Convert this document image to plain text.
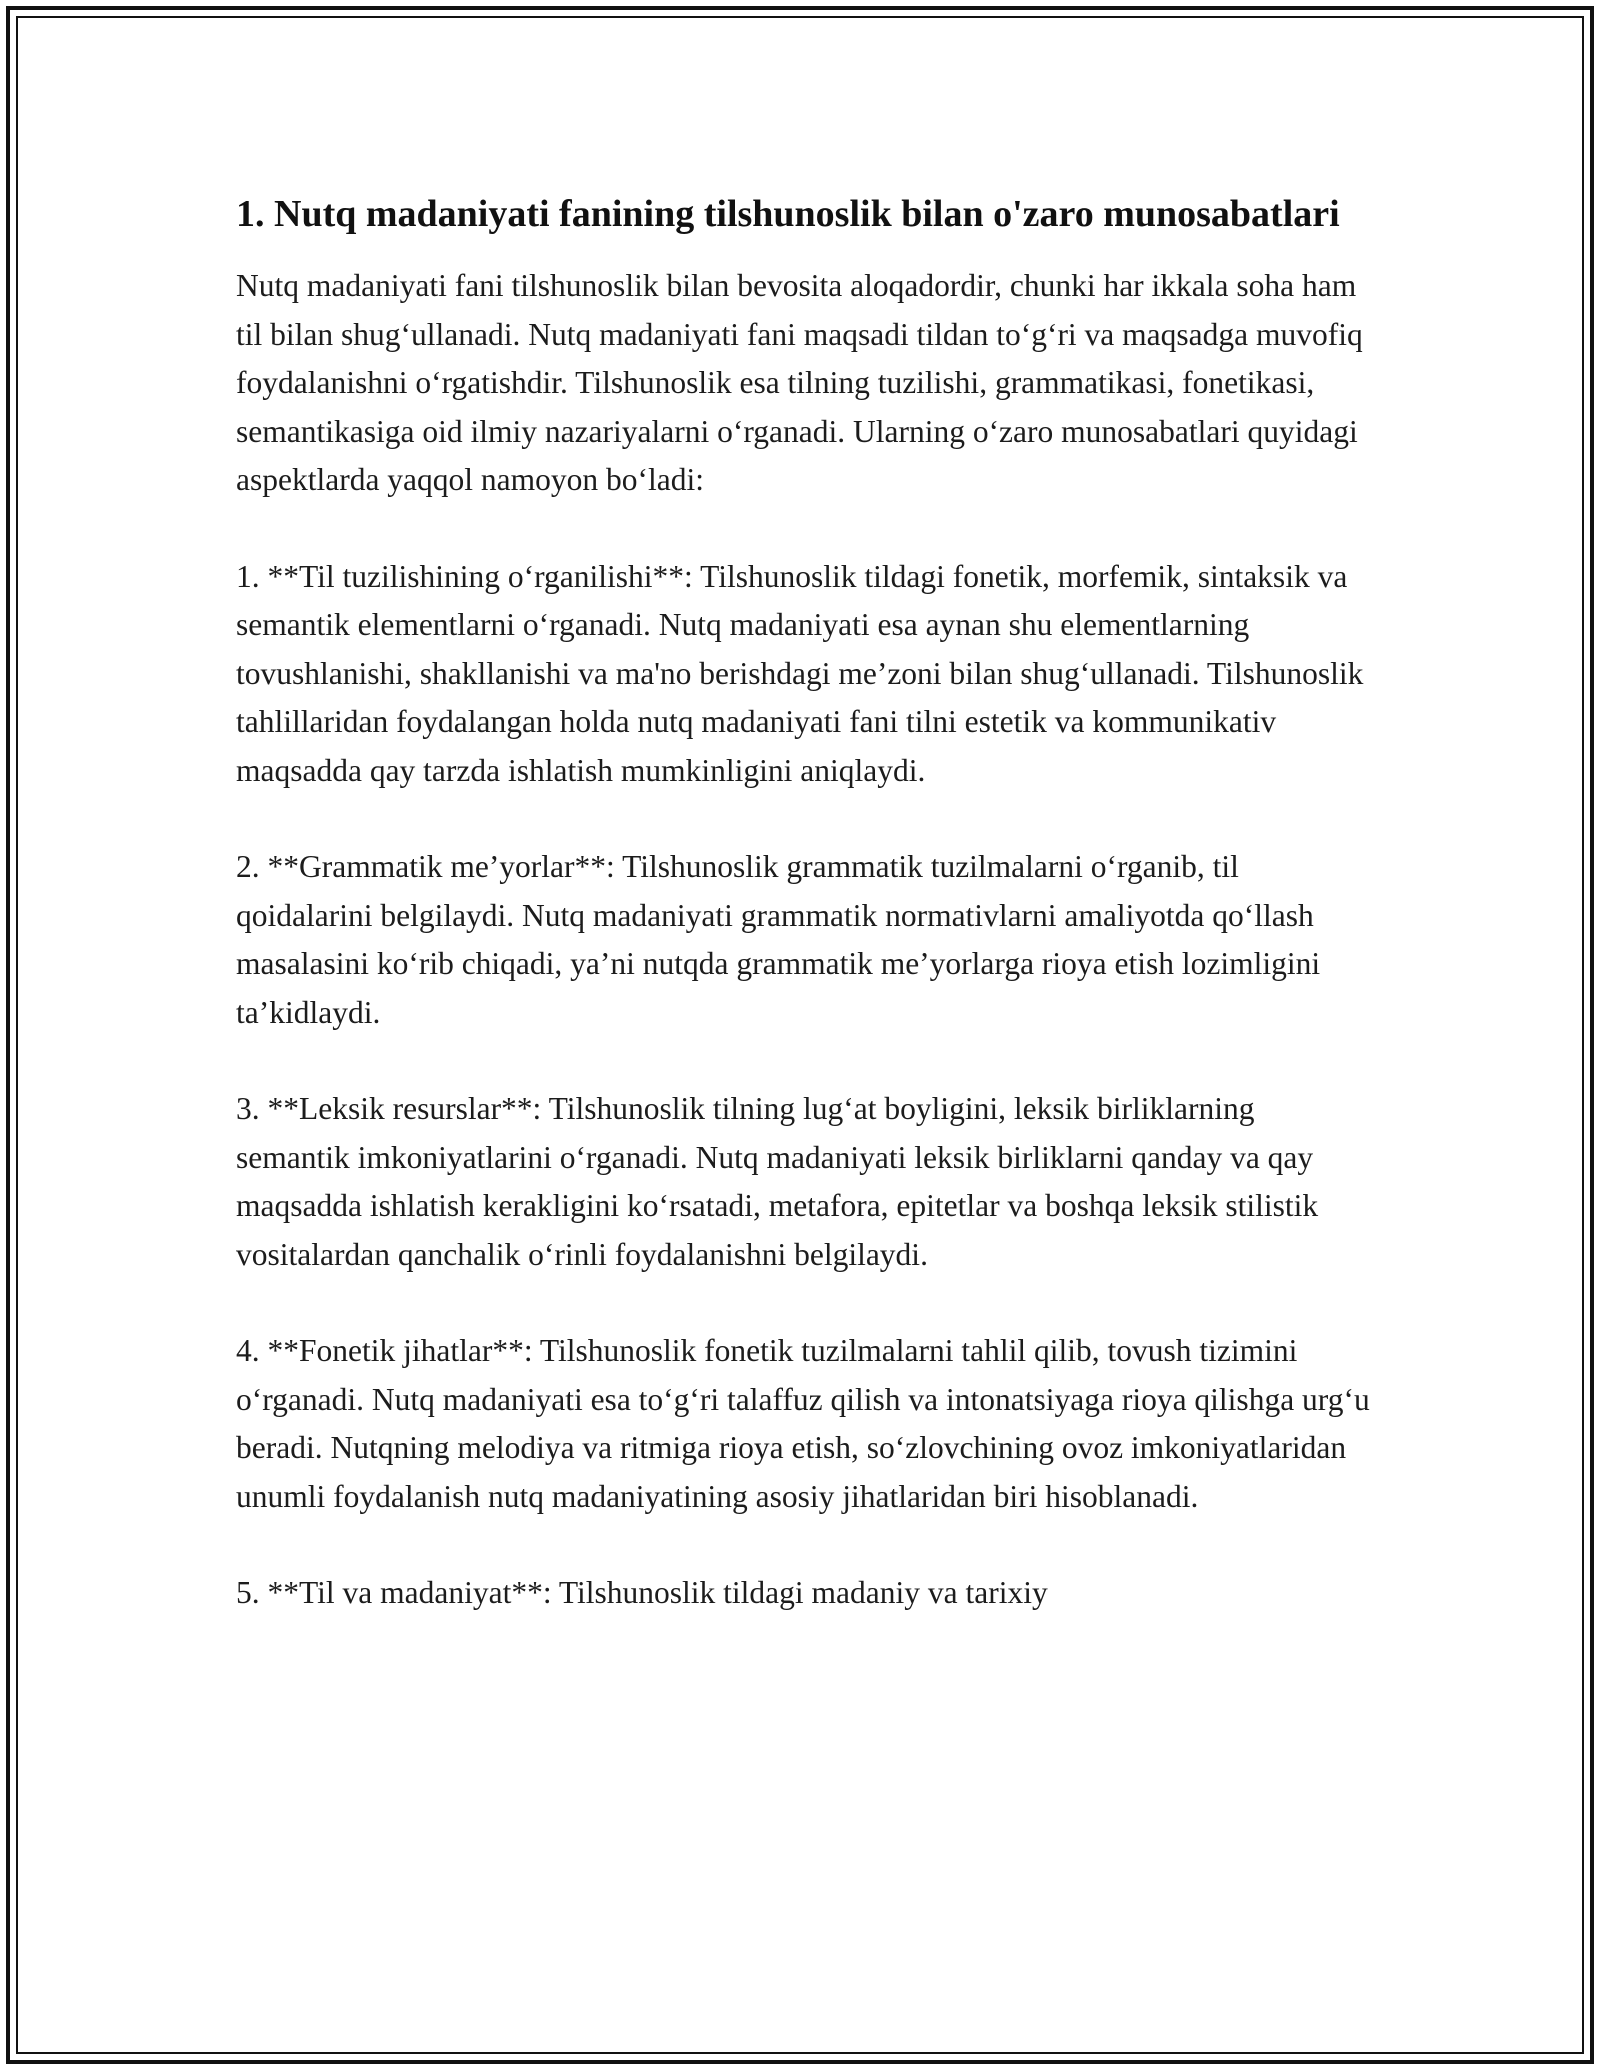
1. Nutq madaniyati fanining tilshunoslik bilan o'zaro munosabatlari

Nutq madaniyati fani tilshunoslik bilan bevosita aloqadordir, chunki har ikkala soha ham til bilan shug‘ullanadi. Nutq madaniyati fani maqsadi tildan to‘g‘ri va maqsadga muvofiq foydalanishni o‘rgatishdir. Tilshunoslik esa tilning tuzilishi, grammatikasi, fonetikasi, semantikasiga oid ilmiy nazariyalarni o‘rganadi. Ularning o‘zaro munosabatlari quyidagi aspektlarda yaqqol namoyon bo‘ladi:

1. **Til tuzilishining o‘rganilishi**: Tilshunoslik tildagi fonetik, morfemik, sintaksik va semantik elementlarni o‘rganadi. Nutq madaniyati esa aynan shu elementlarning tovushlanishi, shakllanishi va ma'no berishdagi me’zoni bilan shug‘ullanadi. Tilshunoslik tahlillaridan foydalangan holda nutq madaniyati fani tilni estetik va kommunikativ maqsadda qay tarzda ishlatish mumkinligini aniqlaydi.

2. **Grammatik me’yorlar**: Tilshunoslik grammatik tuzilmalarni o‘rganib, til qoidalarini belgilaydi. Nutq madaniyati grammatik normativlarni amaliyotda qo‘llash masalasini ko‘rib chiqadi, ya’ni nutqda grammatik me’yorlarga rioya etish lozimligini ta’kidlaydi.

3. **Leksik resurslar**: Tilshunoslik tilning lug‘at boyligini, leksik birliklarning semantik imkoniyatlarini o‘rganadi. Nutq madaniyati leksik birliklarni qanday va qay maqsadda ishlatish kerakligini ko‘rsatadi, metafora, epitetlar va boshqa leksik stilistik vositalardan qanchalik o‘rinli foydalanishni belgilaydi.

4. **Fonetik jihatlar**: Tilshunoslik fonetik tuzilmalarni tahlil qilib, tovush tizimini o‘rganadi. Nutq madaniyati esa to‘g‘ri talaffuz qilish va intonatsiyaga rioya qilishga urg‘u beradi. Nutqning melodiya va ritmiga rioya etish, so‘zlovchining ovoz imkoniyatlaridan unumli foydalanish nutq madaniyatining asosiy jihatlaridan biri hisoblanadi.

5. **Til va madaniyat**: Tilshunoslik tildagi madaniy va tarixiy
